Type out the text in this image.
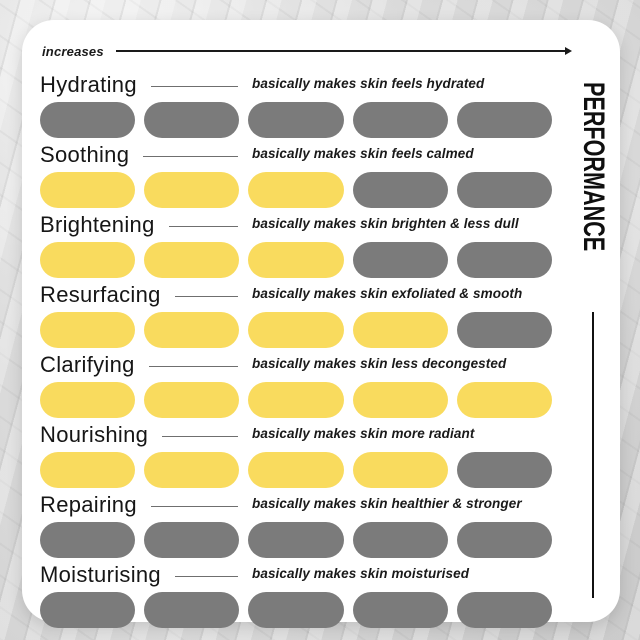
increases
Hydrating	basically makes skin feels hydrated

Soothing	basically makes skin feels calmed

Brightening	basically makes skin brighten & less dull

Resurfacing	basically makes skin exfoliated & smooth

Clarifying	basically makes skin less decongested

Nourishing	basically makes skin more radiant

Repairing	basically makes skin healthier & stronger

Moisturising	basically makes skin moisturised

PERFORMANCE
